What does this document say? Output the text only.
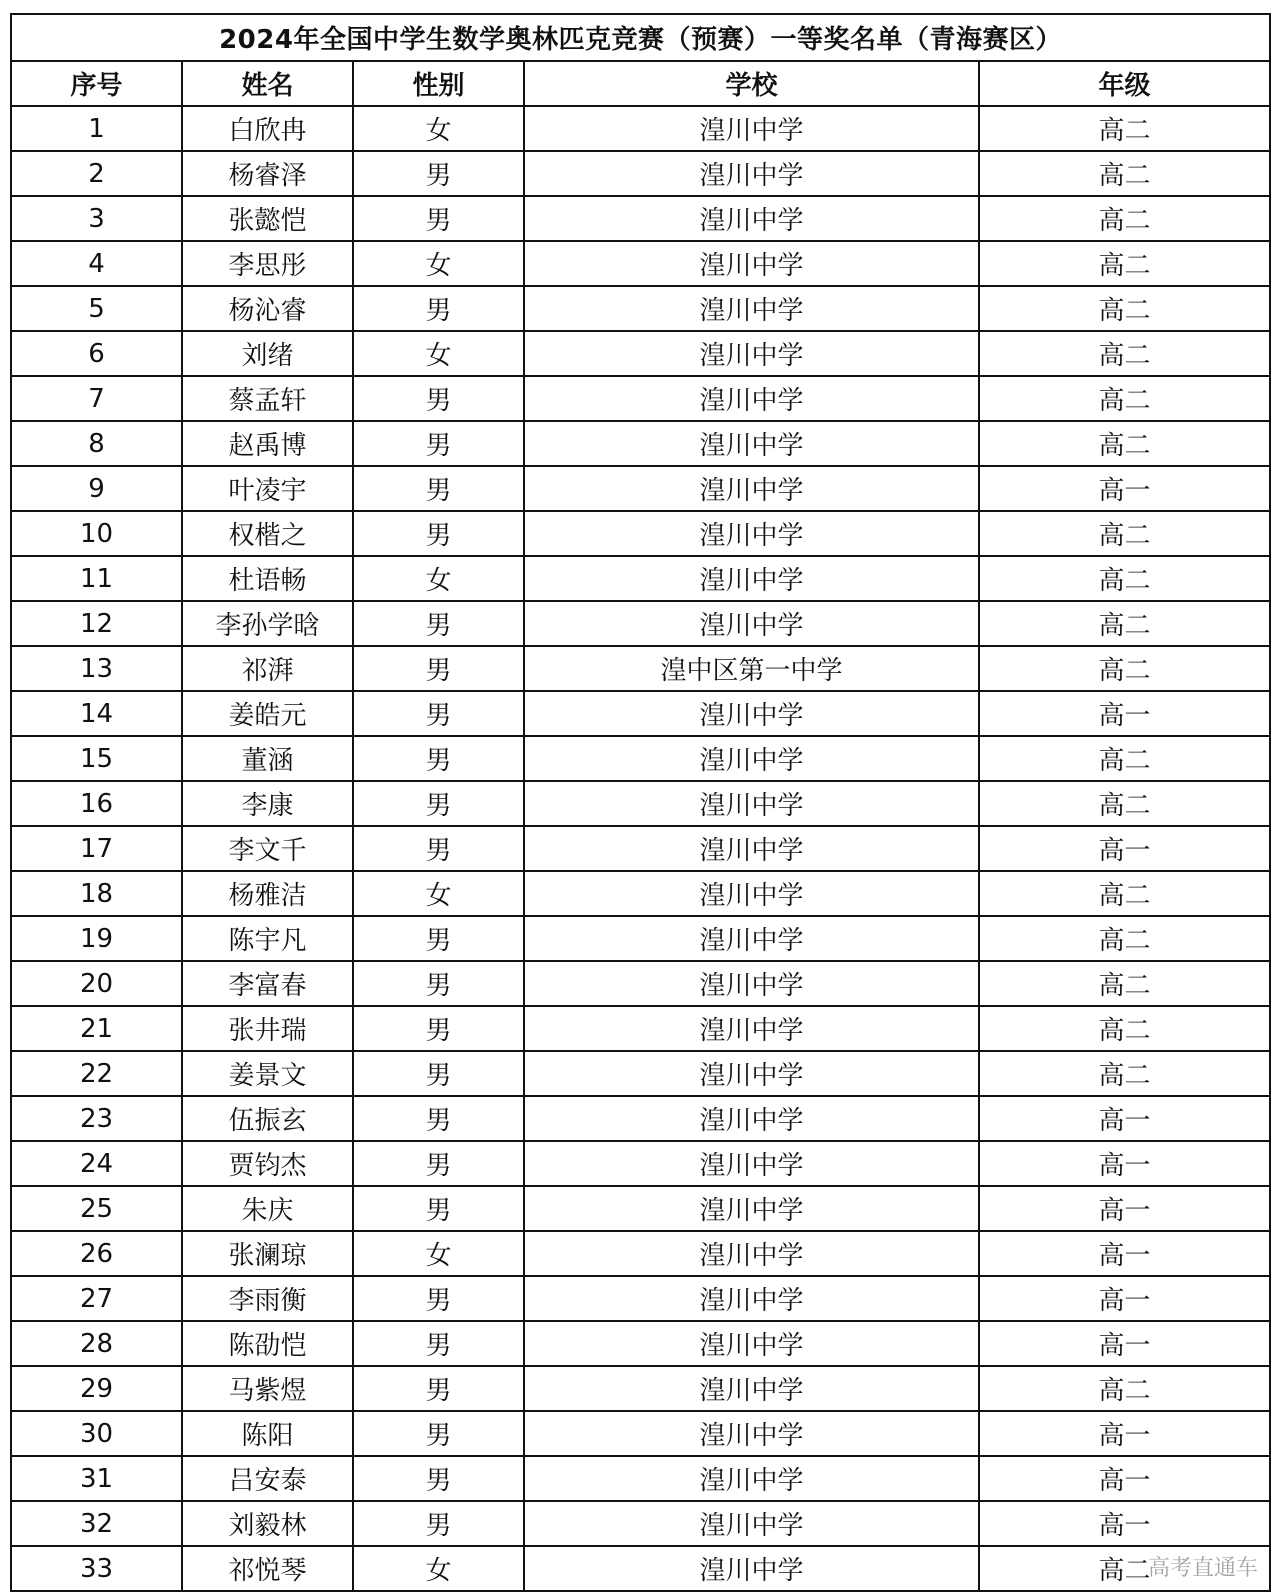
2024年全国中学生数学奥林匹克竞赛（预赛）一等奖名单（青海赛区）				
序号	姓名	性别	学校	年级
1	白欣冉	女	湟川中学	高二
2	杨睿泽	男	湟川中学	高二
3	张懿恺	男	湟川中学	高二
4	李思彤	女	湟川中学	高二
5	杨沁睿	男	湟川中学	高二
6	刘绪	女	湟川中学	高二
7	蔡孟轩	男	湟川中学	高二
8	赵禹博	男	湟川中学	高二
9	叶凌宇	男	湟川中学	高一
10	权楷之	男	湟川中学	高二
11	杜语畅	女	湟川中学	高二
12	李孙学晗	男	湟川中学	高二
13	祁湃	男	湟中区第一中学	高二
14	姜皓元	男	湟川中学	高一
15	董涵	男	湟川中学	高二
16	李康	男	湟川中学	高二
17	李文千	男	湟川中学	高一
18	杨雅洁	女	湟川中学	高二
19	陈宇凡	男	湟川中学	高二
20	李富春	男	湟川中学	高二
21	张井瑞	男	湟川中学	高二
22	姜景文	男	湟川中学	高二
23	伍振玄	男	湟川中学	高一
24	贾钧杰	男	湟川中学	高一
25	朱庆	男	湟川中学	高一
26	张澜琼	女	湟川中学	高一
27	李雨衡	男	湟川中学	高一
28	陈劭恺	男	湟川中学	高一
29	马紫煜	男	湟川中学	高二
30	陈阳	男	湟川中学	高一
31	吕安泰	男	湟川中学	高一
32	刘毅林	男	湟川中学	高一
33	祁悦琴	女	湟川中学	高二
高考直通车
